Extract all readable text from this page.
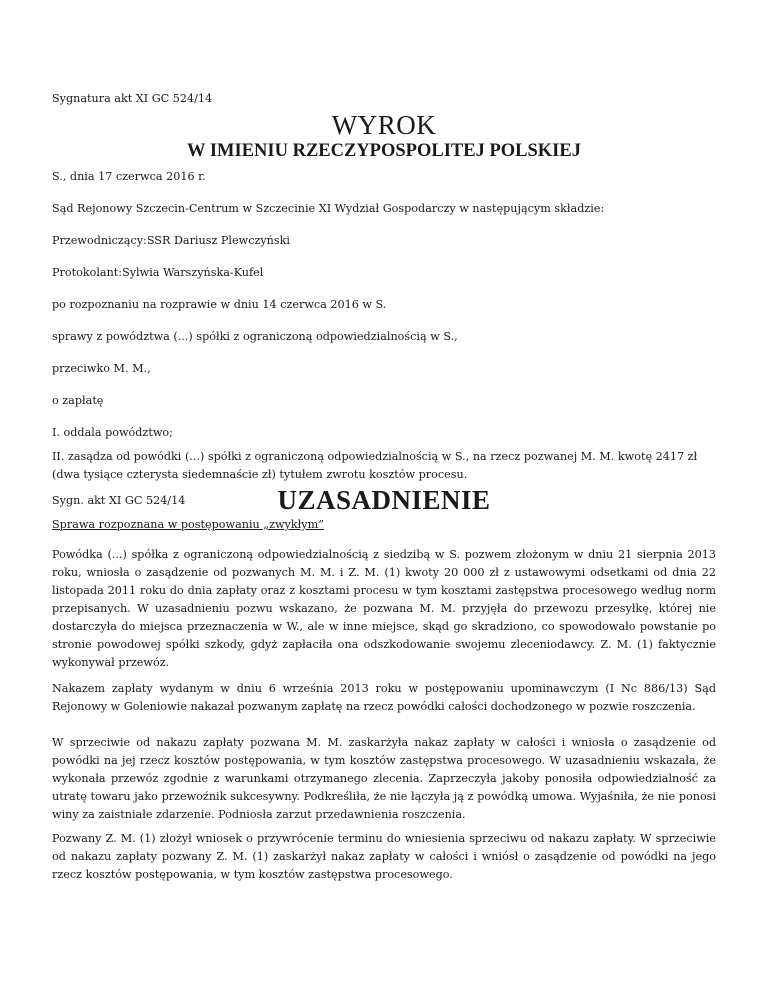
Sygnatura akt XI GC 524/14

WYROK
W IMIENIU RZECZYPOSPOLITEJ POLSKIEJ

S., dnia 17 czerwca 2016 r.

Sąd Rejonowy Szczecin-Centrum w Szczecinie XI Wydział Gospodarczy w następującym składzie:

Przewodniczący:SSR Dariusz Plewczyński

Protokolant:Sylwia Warszyńska-Kufel

po rozpoznaniu na rozprawie w dniu 14 czerwca 2016 w S.

sprawy z powództwa (...) spółki z ograniczoną odpowiedzialnością w S.,

przeciwko M. M.,

o zapłatę

I. oddala powództwo;

II. zasądza od powódki (...) spółki z ograniczoną odpowiedzialnością w S., na rzecz pozwanej M. M. kwotę 2417 zł (dwa tysiące czterysta siedemnaście zł) tytułem zwrotu kosztów procesu.

Sygn. akt XI GC 524/14	UZASADNIENIE

Sprawa rozpoznana w postępowaniu „zwykłym”

Powódka (...) spółka z ograniczoną odpowiedzialnością z siedzibą w S. pozwem złożonym w dniu 21 sierpnia 2013 roku, wniosła o zasądzenie od pozwanych M. M. i Z. M. (1) kwoty 20 000 zł z ustawowymi odsetkami od dnia 22 listopada 2011 roku do dnia zapłaty oraz z kosztami procesu w tym kosztami zastępstwa procesowego według norm przepisanych. W uzasadnieniu pozwu wskazano, że pozwana M. M. przyjęła do przewozu przesyłkę, której nie dostarczyła do miejsca przeznaczenia w W., ale w inne miejsce, skąd go skradziono, co spowodowało powstanie po stronie powodowej spółki szkody, gdyż zapłaciła ona odszkodowanie swojemu zleceniodawcy. Z. M. (1) faktycznie wykonywał przewóz.

Nakazem zapłaty wydanym w dniu 6 września 2013 roku w postępowaniu upominawczym (I Nc 886/13) Sąd Rejonowy w Goleniowie nakazał pozwanym zapłatę na rzecz powódki całości dochodzonego w pozwie roszczenia.

W sprzeciwie od nakazu zapłaty pozwana M. M. zaskarżyła nakaz zapłaty w całości i wniosła o zasądzenie od powódki na jej rzecz kosztów postępowania, w tym kosztów zastępstwa procesowego. W uzasadnieniu wskazała, że wykonała przewóz zgodnie z warunkami otrzymanego zlecenia. Zaprzeczyła jakoby ponosiła odpowiedzialność za utratę towaru jako przewoźnik sukcesywny. Podkreśliła, że nie łączyła ją z powódką umowa. Wyjaśniła, że nie ponosi winy za zaistniałe zdarzenie. Podniosła zarzut przedawnienia roszczenia.

Pozwany Z. M. (1) złożył wniosek o przywrócenie terminu do wniesienia sprzeciwu od nakazu zapłaty. W sprzeciwie od nakazu zapłaty pozwany Z. M. (1) zaskarżył nakaz zapłaty w całości i wniósł o zasądzenie od powódki na jego rzecz kosztów postępowania, w tym kosztów zastępstwa procesowego.
